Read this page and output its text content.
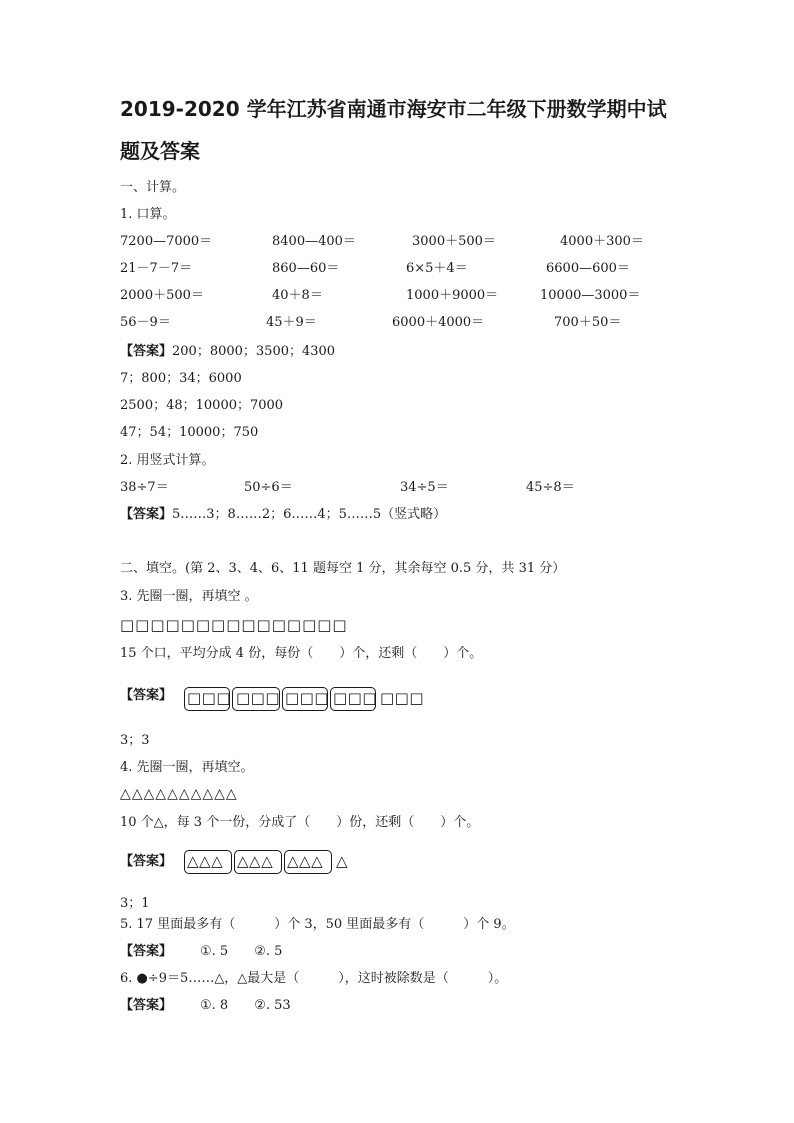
2019-2020 学年江苏省南通市海安市二年级下册数学期中试
题及答案
一、计算。
1. 口算。
7200—7000＝	8400—400＝	3000＋500＝	4000＋300＝
21－7－7＝	860—60＝	6×5＋4＝	6600—600＝
2000＋500＝	40＋8＝	1000＋9000＝	10000—3000＝
56－9＝	45＋9＝	6000＋4000＝	700＋50＝
【答案】200；8000；3500；4300
7；800；34；6000
2500；48；10000；7000
47；54；10000；750
2. 用竖式计算。
38÷7＝	50÷6＝	34÷5＝	45÷8＝
【答案】5……3；8……2；6……4；5……5（竖式略）
二、填空。(第 2、3、4、6、11 题每空 1 分，其余每空 0.5 分，共 31 分）
3. 先圈一圈，再填空 。
□□□□□□□□□□□□□□□
15 个口，平均分成 4 份，每份（　　）个，还剩（　　）个。
【答案】 □□□ □□□ □□□ □□□ □□□
3；3
4. 先圈一圈，再填空。
△△△△△△△△△△
10 个△，每 3 个一份，分成了（　　）份，还剩（　　）个。
【答案】 △△△ △△△ △△△ △
3；1
5. 17 里面最多有（　　　）个 3，50 里面最多有（　　　）个 9。
【答案】 ①. 5　　②. 5
6. ●÷9＝5……△，△最大是（　　　），这时被除数是（　　　）。
【答案】 ①. 8　　②. 53
